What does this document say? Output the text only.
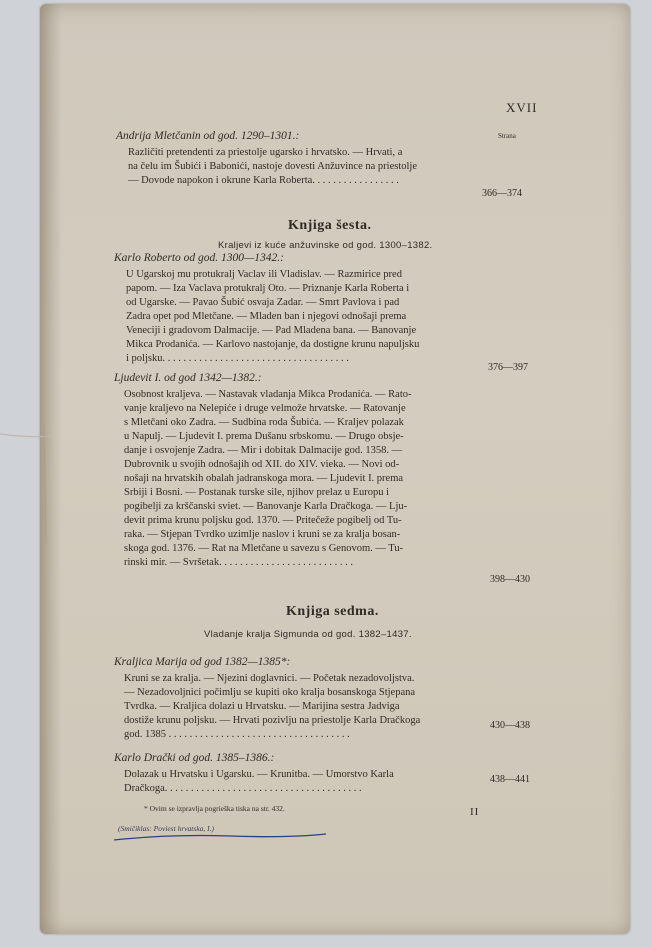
XVII
Strana
Andrija Mletčanin od god. 1290–1301.:
Različiti pretendenti za priestolje ugarsko i hrvatsko. — Hrvati, a
na čelu im Šubići i Babonići, nastoje dovesti Anžuvince na priestolje
— Dovode napokon i okrune Karla Roberta. . . . . . . . . . . . . . . . .
366—374
Knjiga šesta.
Kraljevi iz kuće anžuvinske od god. 1300–1382.
Karlo Roberto od god. 1300—1342.:
U Ugarskoj mu protukralj Vaclav ili Vladislav. — Razmirice pred
papom. — Iza Vaclava protukralj Oto. — Priznanje Karla Roberta i
od Ugarske. — Pavao Šubić osvaja Zadar. — Smrt Pavlova i pad
Zadra opet pod Mletčane. — Mladen ban i njegovi odnošaji prema
Veneciji i gradovom Dalmacije. — Pad Mladena bana. — Banovanje
Mikca Prodanića. — Karlovo nastojanje, da dostigne krunu napuljsku
i poljsku. . . . . . . . . . . . . . . . . . . . . . . . . . . . . . . . . . . .
376—397
Ljudevit I. od god 1342—1382.:
Osobnost kraljeva. — Nastavak vladanja Mikca Prodanića. — Rato-
vanje kraljevo na Nelepiće i druge velmože hrvatske. — Ratovanje
s Mletčani oko Zadra. — Sudbina roda Šubića. — Kraljev polazak
u Napulj. — Ljudevit I. prema Dušanu srbskomu. — Drugo obsje-
danje i osvojenje Zadra. — Mir i dobitak Dalmacije god. 1358. —
Dubrovnik u svojih odnošajih od XII. do XIV. vieka. — Novi od-
nošaji na hrvatskih obalah jadranskoga mora. — Ljudevit I. prema
Srbiji i Bosni. — Postanak turske sile, njihov prelaz u Europu i
pogibelji za krščanski sviet. — Banovanje Karla Dračkoga. — Lju-
devit prima krunu poljsku god. 1370. — Pritečeže pogibelj od Tu-
raka. — Stjepan Tvrdko uzimlje naslov i kruni se za kralja bosan-
skoga god. 1376. — Rat na Mletčane u savezu s Genovom. — Tu-
rinski mir. — Svršetak. . . . . . . . . . . . . . . . . . . . . . . . . .
398—430
Knjiga sedma.
Vladanje kralja Sigmunda od god. 1382–1437.
Kraljica Marija od god 1382—1385*:
Kruni se za kralja. — Njezini doglavnici. — Početak nezadovoljstva.
— Nezadovoljnici počimlju se kupiti oko kralja bosanskoga Stjepana
Tvrdka. — Kraljica dolazi u Hrvatsku. — Marijina sestra Jadviga
dostiže krunu poljsku. — Hrvati pozivlju na priestolje Karla Dračkoga
god. 1385 . . . . . . . . . . . . . . . . . . . . . . . . . . . . . . . . . . .
430—438
Karlo Drački od god. 1385–1386.:
Dolazak u Hrvatsku i Ugarsku. — Krunitba. — Umorstvo Karla
Dračkoga. . . . . . . . . . . . . . . . . . . . . . . . . . . . . . . . . . . . . .
438—441
* Ovim se izpravlja pogrieška tiska na str. 432.	II
(Smičiklas: Poviest hrvatska, I.)
